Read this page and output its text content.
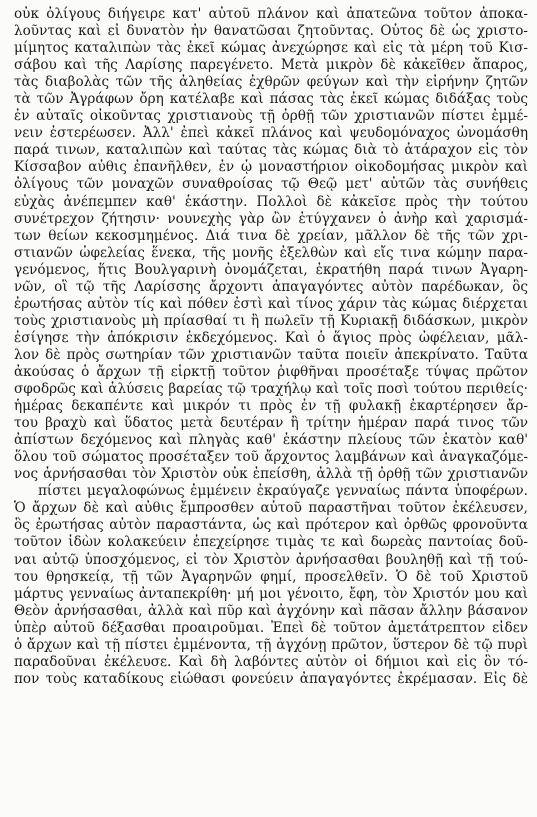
οὐκ ὀλίγους διήγειρε κατ' αὐτοῦ πλάνον καὶ ἀπατεῶνα τοῦτον ἀποκα-
λοῦντας καὶ εἰ δυνατὸν ἦν θανατῶσαι ζητοῦντας. Οὗτος δὲ ὡς χριστο-
μίμητος καταλιπὼν τὰς ἐκεῖ κώμας ἀνεχώρησε καὶ εἰς τὰ μέρη τοῦ Κισ-
σάβου καὶ τῆς Λαρίσης παρεγένετο. Μετὰ μικρὸν δὲ κἀκεῖθεν ἄπαρος,
τὰς διαβολὰς τῶν τῆς ἀληθείας ἐχθρῶν φεύγων καὶ τὴν εἰρήνην ζητῶν
τὰ τῶν Ἀγράφων ὄρη κατέλαβε καὶ πάσας τὰς ἐκεῖ κώμας διδάξας τοὺς
ἐν αὐταῖς οἰκοῦντας χριστιανοὺς τῇ ὀρθῇ τῶν χριστιανῶν πίστει ἐμμέ-
νειν ἐστερέωσεν. Ἀλλ' ἐπεὶ κἀκεῖ πλάνος καὶ ψευδομόναχος ὠνομάσθη
παρά τινων, καταλιπὼν καὶ ταύτας τὰς κώμας διὰ τὸ ἀτάραχον εἰς τὸν
Κίσσαβον αὖθις ἐπανῆλθεν, ἐν ᾧ μοναστήριον οἰκοδομήσας μικρὸν καὶ
ὀλίγους τῶν μοναχῶν συναθροίσας τῷ Θεῷ μετ' αὐτῶν τὰς συνήθεις
εὐχὰς ἀνέπεμπεν καθ' ἑκάστην. Πολλοὶ δὲ κἀκεῖσε πρὸς τὴν τούτου
συνέτρεχον ζήτησιν· νουνεχὴς γὰρ ὢν ἐτύγχανεν ὁ ἀνὴρ καὶ χαρισμά-
των θείων κεκοσμημένος. Διά τινα δὲ χρείαν, μᾶλλον δὲ τῆς τῶν χρι-
στιανῶν ὠφελείας ἕνεκα, τῆς μονῆς ἐξελθὼν καὶ εἴς τινα κώμην παρα-
γενόμενος, ἥτις Βουλγαρινὴ ὀνομάζεται, ἐκρατήθη παρά τινων Ἀγαρη-
νῶν, οἳ τῷ τῆς Λαρίσσης ἄρχοντι ἀπαγαγόντες αὐτὸν παρέδωκαν, ὃς
ἐρωτήσας αὐτὸν τίς καὶ πόθεν ἐστὶ καὶ τίνος χάριν τὰς κώμας διέρχεται
τοὺς χριστιανοὺς μὴ πρίασθαί τι ἢ πωλεῖν τῇ Κυριακῇ διδάσκων, μικρὸν
ἐσίγησε τὴν ἀπόκρισιν ἐκδεχόμενος. Καὶ ὁ ἅγιος πρὸς ὠφέλειαν, μᾶλ-
λον δὲ πρὸς σωτηρίαν τῶν χριστιανῶν ταῦτα ποιεῖν ἀπεκρίνατο. Ταῦτα
ἀκούσας ὁ ἄρχων τῇ εἱρκτῇ τοῦτον ῥιφθῆναι προσέταξε τύψας πρῶτον
σφοδρῶς καὶ ἁλύσεις βαρείας τῷ τραχήλῳ καὶ τοῖς ποσὶ τούτου περιθείς·
ἡμέρας δεκαπέντε καὶ μικρόν τι πρὸς ἐν τῇ φυλακῇ ἐκαρτέρησεν ἄρ-
του βραχὺ καὶ ὕδατος μετὰ δευτέραν ἢ τρίτην ἡμέραν παρά τινος τῶν
ἀπίστων δεχόμενος καὶ πληγὰς καθ' ἑκάστην πλείους τῶν ἑκατὸν καθ'
ὅλου τοῦ σώματος προσέταξεν τοῦ ἄρχοντος λαμβάνων καὶ ἀναγκαζόμε-
νος ἀρνήσασθαι τὸν Χριστὸν οὐκ ἐπείσθη, ἀλλὰ τῇ ὀρθῇ τῶν χριστιανῶν
πίστει μεγαλοφώνως ἐμμένειν ἐκραύγαζε γενναίως πάντα ὑποφέρων.
Ὁ ἄρχων δὲ καὶ αὖθις ἔμπροσθεν αὐτοῦ παραστῆναι τοῦτον ἐκέλευσεν,
ὃς ἐρωτήσας αὐτὸν παραστάντα, ὡς καὶ πρότερον καὶ ὀρθῶς φρονοῦντα
τοῦτον ἰδὼν κολακεύειν ἐπεχείρησε τιμὰς τε καὶ δωρεὰς παντοίας δοῦ-
ναι αὐτῷ ὑποσχόμενος, εἰ τὸν Χριστὸν ἀρνήσασθαι βουληθῇ καὶ τῇ τού-
του θρησκείᾳ, τῇ τῶν Ἀγαρηνῶν φημί, προσελθεῖν. Ὁ δὲ τοῦ Χριστοῦ
μάρτυς γενναίως ἀνταπεκρίθη· μή μοι γένοιτο, ἔφη, τὸν Χριστόν μου καὶ
Θεὸν ἀρνήσασθαι, ἀλλὰ καὶ πῦρ καὶ ἀγχόνην καὶ πᾶσαν ἄλλην βάσανον
ὑπὲρ αὐτοῦ δέξασθαι προαιροῦμαι. Ἐπεὶ δὲ τοῦτον ἀμετάτρεπτον εἶδεν
ὁ ἄρχων καὶ τῇ πίστει ἐμμένοντα, τῇ ἀγχόνῃ πρῶτον, ὕστερον δὲ τῷ πυρὶ
παραδοῦναι ἐκέλευσε. Καὶ δὴ λαβόντες αὐτὸν οἱ δήμιοι καὶ εἰς ὃν τό-
πον τοὺς καταδίκους εἰώθασι φονεύειν ἀπαγαγόντες ἐκρέμασαν. Εἰς δὲ
